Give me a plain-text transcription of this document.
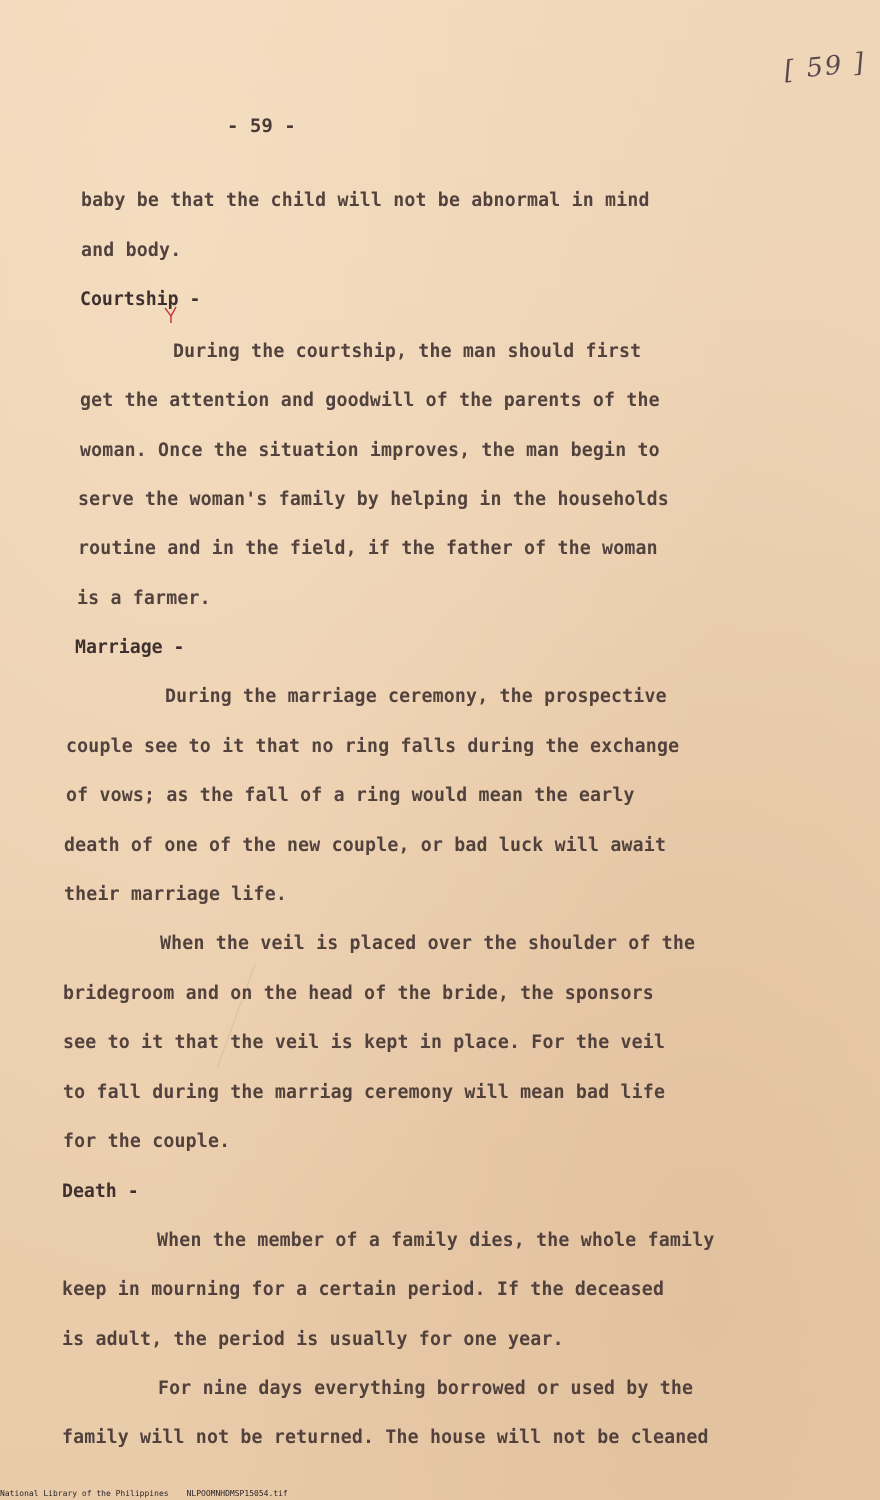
[ 59 ]
- 59 -
baby be that the child will not be abnormal in mind
and body.
Courtship -
During the courtship, the man should first
get the attention and goodwill of the parents of the
woman. Once the situation improves, the man begin to
serve the woman's family by helping in the households
routine and in the field, if the father of the woman
is a farmer.
Marriage -
During the marriage ceremony, the prospective
couple see to it that no ring falls during the exchange
of vows; as the fall of a ring would mean the early
death of one of the new couple, or bad luck will await
their marriage life.
When the veil is placed over the shoulder of the
bridegroom and on the head of the bride, the sponsors
see to it that the veil is kept in place. For the veil
to fall during the marriag ceremony will mean bad life
for the couple.
Death -
When the member of a family dies, the whole family
keep in mourning for a certain period. If the deceased
is adult, the period is usually for one year.
For nine days everything borrowed or used by the
family will not be returned. The house will not be cleaned
National Library of the Philippines NLPOOMNHDMSP15054.tif
